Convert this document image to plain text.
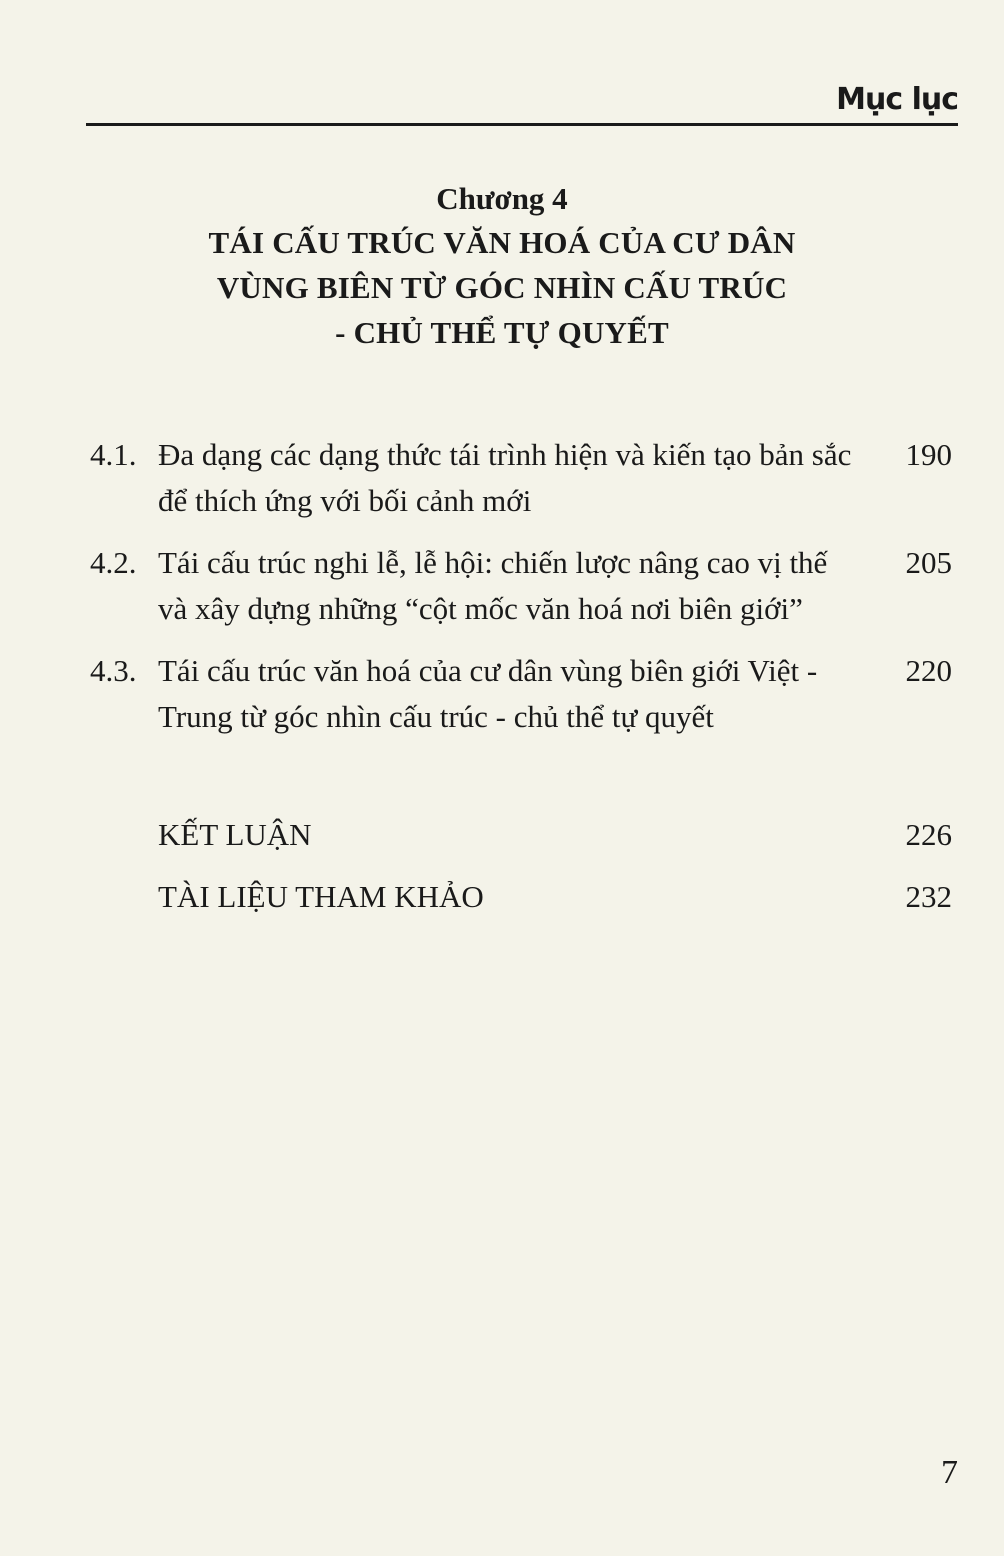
Mục lục
Chương 4
TÁI CẤU TRÚC VĂN HOÁ CỦA CƯ DÂN
VÙNG BIÊN TỪ GÓC NHÌN CẤU TRÚC
- CHỦ THỂ TỰ QUYẾT
4.1. Đa dạng các dạng thức tái trình hiện và kiến tạo bản sắc để thích ứng với bối cảnh mới
190
4.2. Tái cấu trúc nghi lễ, lễ hội: chiến lược nâng cao vị thế và xây dựng những “cột mốc văn hoá nơi biên giới”
205
4.3. Tái cấu trúc văn hoá của cư dân vùng biên giới Việt - Trung từ góc nhìn cấu trúc - chủ thể tự quyết
220
KẾT LUẬN	226
TÀI LIỆU THAM KHẢO	232
7
